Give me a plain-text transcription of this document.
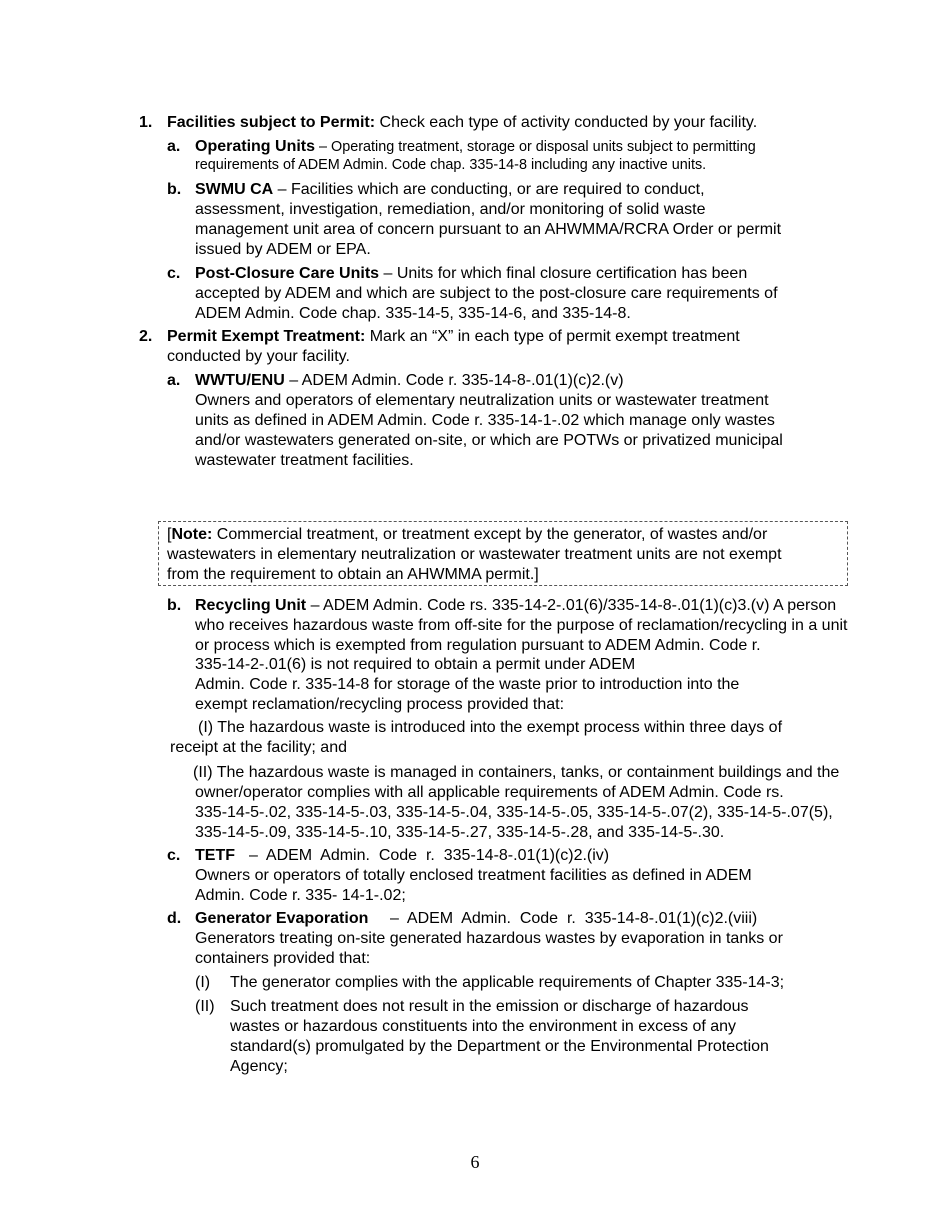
1. Facilities subject to Permit: Check each type of activity conducted by your facility.
a. Operating Units – Operating treatment, storage or disposal units subject to permitting
requirements of ADEM Admin. Code chap. 335-14-8 including any inactive units.
b. SWMU CA – Facilities which are conducting, or are required to conduct,
assessment, investigation, remediation, and/or monitoring of solid waste
management unit area of concern pursuant to an AHWMMA/RCRA Order or permit
issued by ADEM or EPA.
c. Post-Closure Care Units – Units for which final closure certification has been
accepted by ADEM and which are subject to the post-closure care requirements of
ADEM Admin. Code chap. 335-14-5, 335-14-6, and 335-14-8.
2. Permit Exempt Treatment: Mark an “X” in each type of permit exempt treatment
conducted by your facility.
a. WWTU/ENU – ADEM Admin. Code r. 335-14-8-.01(1)(c)2.(v)
Owners and operators of elementary neutralization units or wastewater treatment
units as defined in ADEM Admin. Code r. 335-14-1-.02 which manage only wastes
and/or wastewaters generated on-site, or which are POTWs or privatized municipal
wastewater treatment facilities.
[Note: Commercial treatment, or treatment except by the generator, of wastes and/or
wastewaters in elementary neutralization or wastewater treatment units are not exempt
from the requirement to obtain an AHWMMA permit.]
b. Recycling Unit – ADEM Admin. Code rs. 335-14-2-.01(6)/335-14-8-.01(1)(c)3.(v) A person
who receives hazardous waste from off-site for the purpose of reclamation/recycling in a unit
or process which is exempted from regulation pursuant to ADEM Admin. Code r.
335-14-2-.01(6) is not required to obtain a permit under ADEM
Admin. Code r. 335-14-8 for storage of the waste prior to introduction into the
exempt reclamation/recycling process provided that:
(I) The hazardous waste is introduced into the exempt process within three days of
receipt at the facility; and
(II) The hazardous waste is managed in containers, tanks, or containment buildings and the
owner/operator complies with all applicable requirements of ADEM Admin. Code rs.
335-14-5-.02, 335-14-5-.03, 335-14-5-.04, 335-14-5-.05, 335-14-5-.07(2), 335-14-5-.07(5),
335-14-5-.09, 335-14-5-.10, 335-14-5-.27, 335-14-5-.28, and 335-14-5-.30.
c. TETF –  ADEM  Admin.  Code  r.  335-14-8-.01(1)(c)2.(iv)
Owners or operators of totally enclosed treatment facilities as defined in ADEM
Admin. Code r. 335- 14-1-.02;
d. Generator Evaporation –  ADEM  Admin.  Code  r.  335-14-8-.01(1)(c)2.(viii)
Generators treating on-site generated hazardous wastes by evaporation in tanks or
containers provided that:
(I) The generator complies with the applicable requirements of Chapter 335-14-3;
(II) Such treatment does not result in the emission or discharge of hazardous
wastes or hazardous constituents into the environment in excess of any
standard(s) promulgated by the Department or the Environmental Protection
Agency;
6
